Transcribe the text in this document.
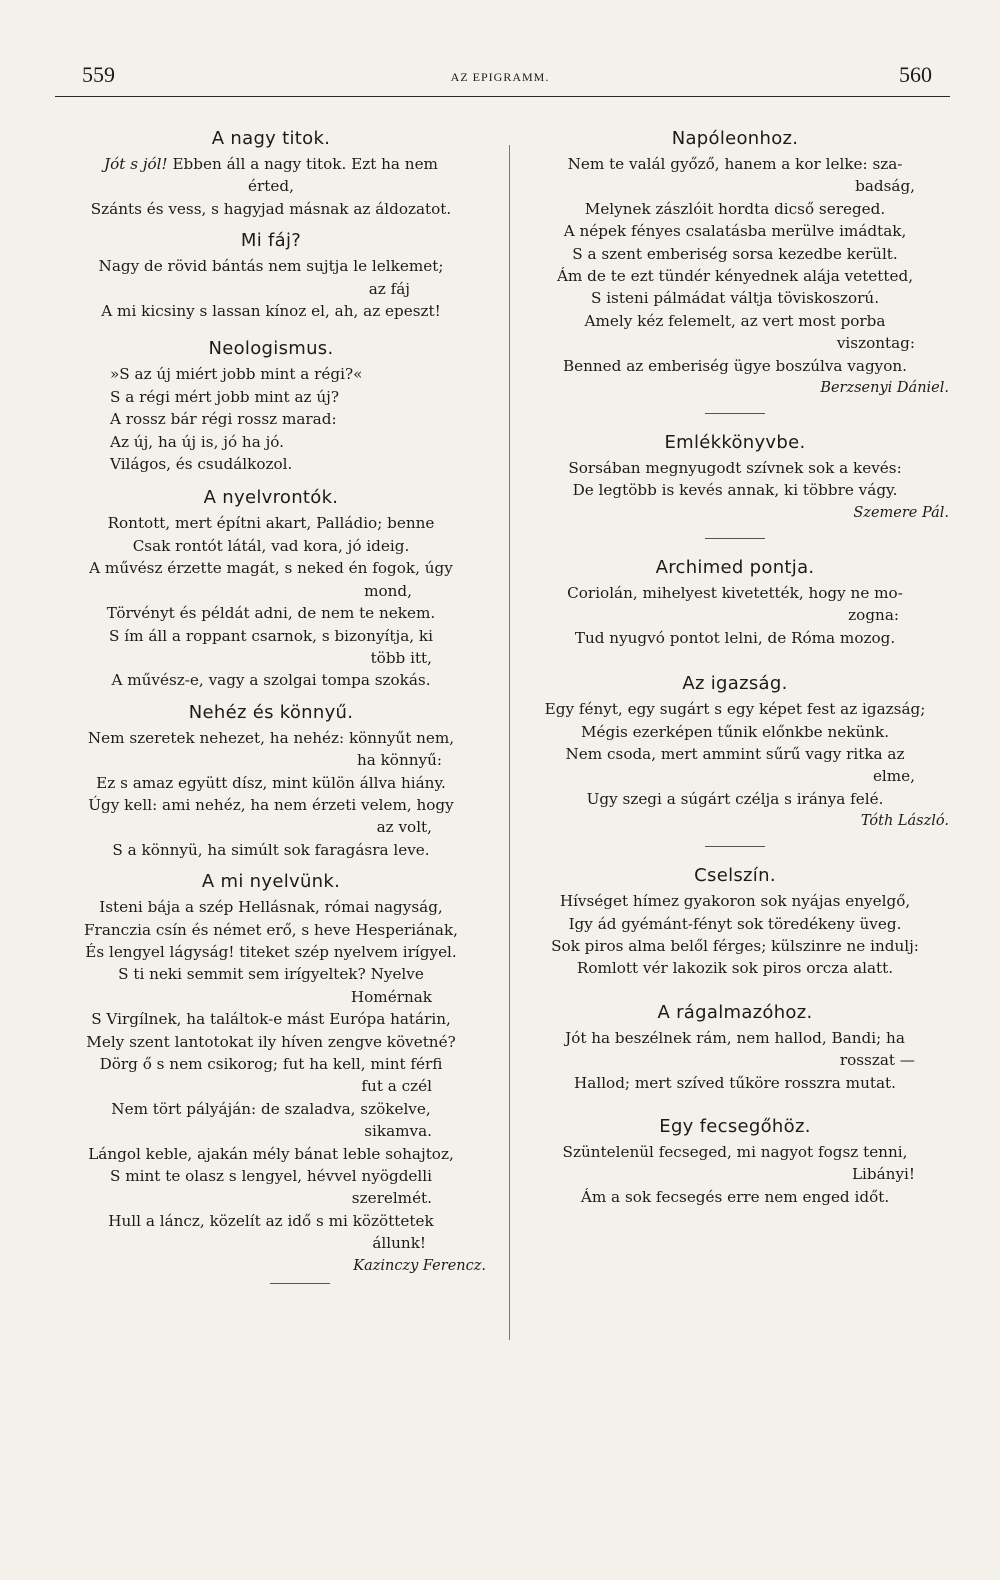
559	AZ EPIGRAMM.	560
A nagy titok.
Jót s jól! Ebben áll a nagy titok. Ezt ha nem
érted,
Szánts és vess, s hagyjad másnak az áldozatot.
Mi fáj?
Nagy de rövid bántás nem sujtja le lelkemet;
az fáj
A mi kicsiny s lassan kínoz el, ah, az epeszt!
Neologismus.
»S az új miért jobb mint a régi?«
S a régi mért jobb mint az új?
A rossz bár régi rossz marad:
Az új, ha új is, jó ha jó.
Világos, és csudálkozol.
A nyelvrontók.
Rontott, mert építni akart, Palládio; benne
Csak rontót látál, vad kora, jó ideig.
A művész érzette magát, s neked én fogok, úgy
mond,
Törvényt és példát adni, de nem te nekem.
S ím áll a roppant csarnok, s bizonyítja, ki
több itt,
A művész-e, vagy a szolgai tompa szokás.
Nehéz és könnyű.
Nem szeretek nehezet, ha nehéz: könnyűt nem,
ha könnyű:
Ez s amaz együtt dísz, mint külön állva hiány.
Úgy kell: ami nehéz, ha nem érzeti velem, hogy
az volt,
S a könnyü, ha simúlt sok faragásra leve.
A mi nyelvünk.
Isteni bája a szép Hellásnak, római nagyság,
Franczia csín és német erő, s heve Hesperiának,
És lengyel lágyság! titeket szép nyelvem irígyel.
S ti neki semmit sem irígyeltek? Nyelve
Homérnak
S Virgílnek, ha találtok-e mást Európa határin,
Mely szent lantotokat ily híven zengve követné?
Dörg ő s nem csikorog; fut ha kell, mint férfi
fut a czél
Nem tört pályáján: de szaladva, szökelve,
sikamva.
Lángol keble, ajakán mély bánat leble sohajtoz,
S mint te olasz s lengyel, hévvel nyögdelli
szerelmét.
Hull a láncz, közelít az idő s mi közöttetek
állunk!
Kazinczy Ferencz.
Napóleonhoz.
Nem te valál győző, hanem a kor lelke: sza-
badság,
Melynek zászlóit hordta dicső sereged.
A népek fényes csalatásba merülve imádtak,
S a szent emberiség sorsa kezedbe került.
Ám de te ezt tündér kényednek alája vetetted,
S isteni pálmádat váltja töviskoszorú.
Amely kéz felemelt, az vert most porba
viszontag:
Benned az emberiség ügye boszúlva vagyon.
Berzsenyi Dániel.
Emlékkönyvbe.
Sorsában megnyugodt szívnek sok a kevés:
De legtöbb is kevés annak, ki többre vágy.
Szemere Pál.
Archimed pontja.
Coriolán, mihelyest kivetették, hogy ne mo-
zogna:
Tud nyugvó pontot lelni, de Róma mozog.
Az igazság.
Egy fényt, egy sugárt s egy képet fest az igazság;
Mégis ezerképen tűnik előnkbe nekünk.
Nem csoda, mert ammint sűrű vagy ritka az
elme,
Ugy szegi a súgárt czélja s iránya felé.
Tóth László.
Cselszín.
Hívséget hímez gyakoron sok nyájas enyelgő,
Igy ád gyémánt-fényt sok töredékeny üveg.
Sok piros alma belől férges; külszinre ne indulj:
Romlott vér lakozik sok piros orcza alatt.
A rágalmazóhoz.
Jót ha beszélnek rám, nem hallod, Bandi; ha
rosszat —
Hallod; mert szíved tűköre rosszra mutat.
Egy fecsegőhöz.
Szüntelenül fecseged, mi nagyot fogsz tenni,
Libányi!
Ám a sok fecsegés erre nem enged időt.
